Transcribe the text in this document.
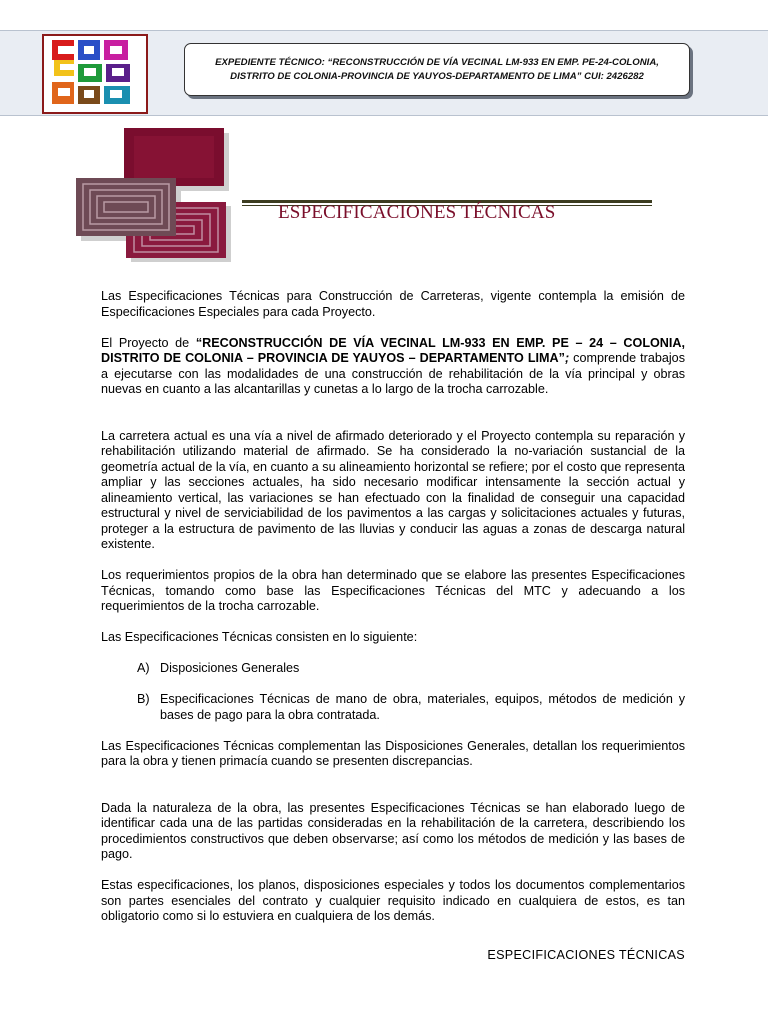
EXPEDIENTE TÉCNICO: “RECONSTRUCCIÓN DE VÍA VECINAL LM-933 EN EMP. PE-24-COLONIA, DISTRITO DE COLONIA-PROVINCIA DE YAUYOS-DEPARTAMENTO DE LIMA” CUI: 2426282
ESPECIFICACIONES TÉCNICAS

Las Especificaciones Técnicas para Construcción de Carreteras, vigente contempla la emisión de Especificaciones Especiales para cada Proyecto.

El Proyecto de “RECONSTRUCCIÓN DE VÍA VECINAL LM-933 EN EMP. PE – 24 – COLONIA, DISTRITO DE COLONIA – PROVINCIA DE YAUYOS – DEPARTAMENTO LIMA”; comprende trabajos a ejecutarse con las modalidades de una construcción de rehabilitación de la vía principal y obras nuevas en cuanto a las alcantarillas y cunetas a lo largo de la trocha carrozable.

La carretera actual es una vía a nivel de afirmado deteriorado y el Proyecto contempla su reparación y rehabilitación utilizando material de afirmado. Se ha considerado la no-variación sustancial de la geometría actual de la vía, en cuanto a su alineamiento horizontal se refiere; por el costo que representa ampliar y las secciones actuales, ha sido necesario modificar intensamente la sección actual y alineamiento vertical, las variaciones se han efectuado con la finalidad de conseguir una capacidad estructural y nivel de serviciabilidad de los pavimentos a las cargas y solicitaciones actuales y futuras, proteger a la estructura de pavimento de las lluvias y conducir las aguas a zonas de descarga natural existente.

Los requerimientos propios de la obra han determinado que se elabore las presentes Especificaciones Técnicas, tomando como base las Especificaciones Técnicas del MTC y adecuando a los requerimientos de la trocha carrozable.

Las Especificaciones Técnicas consisten en lo siguiente:

A) Disposiciones Generales
B) Especificaciones Técnicas de mano de obra, materiales, equipos, métodos de medición y bases de pago para la obra contratada.

Las Especificaciones Técnicas complementan las Disposiciones Generales, detallan los requerimientos para la obra y tienen primacía cuando se presenten discrepancias.

Dada la naturaleza de la obra, las presentes Especificaciones Técnicas se han elaborado luego de identificar cada una de las partidas consideradas en la rehabilitación de la carretera, describiendo los procedimientos constructivos que deben observarse; así como los métodos de medición y las bases de pago.

Estas especificaciones, los planos, disposiciones especiales y todos los documentos complementarios son partes esenciales del contrato y cualquier requisito indicado en cualquiera de estos, es tan obligatorio como si lo estuviera en cualquiera de los demás.

ESPECIFICACIONES TÉCNICAS
